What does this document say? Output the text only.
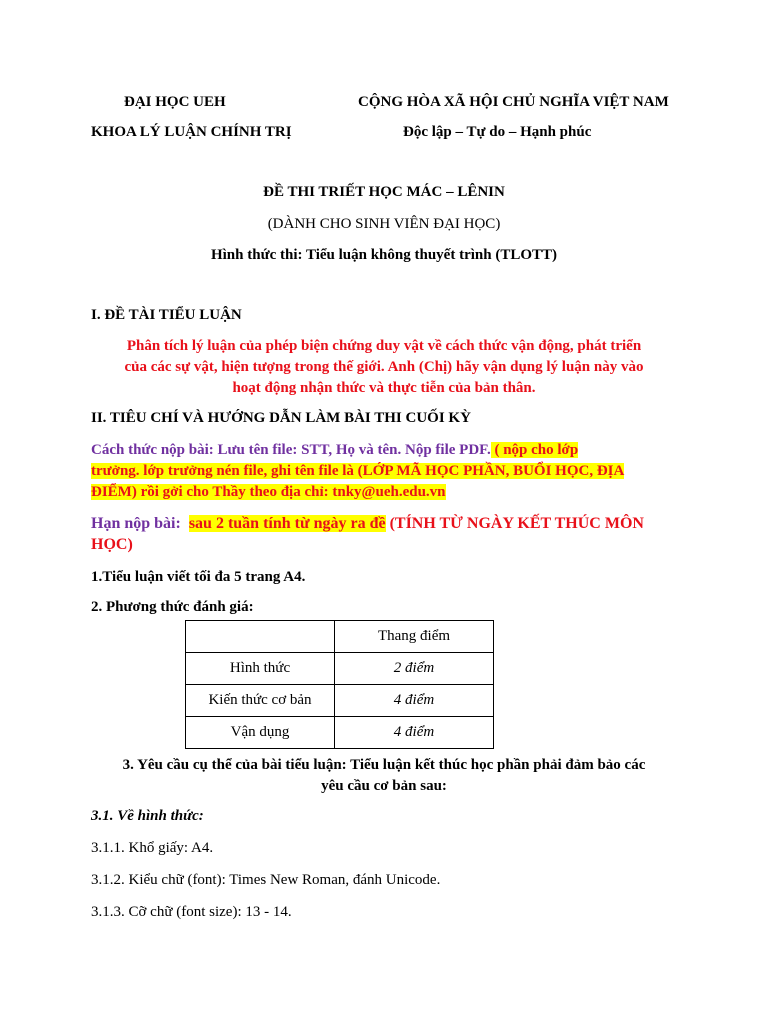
ĐẠI HỌC UEH	CỘNG HÒA XÃ HỘI CHỦ NGHĨA VIỆT NAM
KHOA LÝ LUẬN CHÍNH TRỊ	Độc lập – Tự do – Hạnh phúc
ĐỀ THI TRIẾT HỌC MÁC – LÊNIN
(DÀNH CHO SINH VIÊN ĐẠI HỌC)
Hình thức thi: Tiểu luận không thuyết trình (TLOTT)
I. ĐỀ TÀI TIỂU LUẬN
Phân tích lý luận của phép biện chứng duy vật về cách thức vận động, phát triển
của các sự vật, hiện tượng trong thế giới. Anh (Chị) hãy vận dụng lý luận này vào
hoạt động nhận thức và thực tiễn của bản thân.
II. TIÊU CHÍ VÀ HƯỚNG DẪN LÀM BÀI THI CUỐI KỲ
Cách thức nộp bài: Lưu tên file: STT, Họ và tên. Nộp file PDF. ( nộp cho lớp
trưởng. lớp trưởng nén file, ghi tên file là (LỚP MÃ HỌC PHẦN, BUỔI HỌC, ĐỊA
ĐIỂM) rồi gởi cho Thầy theo địa chỉ: tnky@ueh.edu.vn
Hạn nộp bài: sau 2 tuần tính từ ngày ra đề (TÍNH TỪ NGÀY KẾT THÚC MÔN
HỌC)
1.Tiểu luận viết tối đa 5 trang A4.
2. Phương thức đánh giá:
	Thang điểm
Hình thức	2 điểm
Kiến thức cơ bản	4 điểm
Vận dụng	4 điểm
3. Yêu cầu cụ thể của bài tiểu luận: Tiểu luận kết thúc học phần phải đảm bảo các
yêu cầu cơ bản sau:
3.1. Về hình thức:
3.1.1. Khổ giấy: A4.
3.1.2. Kiểu chữ (font): Times New Roman, đánh Unicode.
3.1.3. Cỡ chữ (font size): 13 - 14.
